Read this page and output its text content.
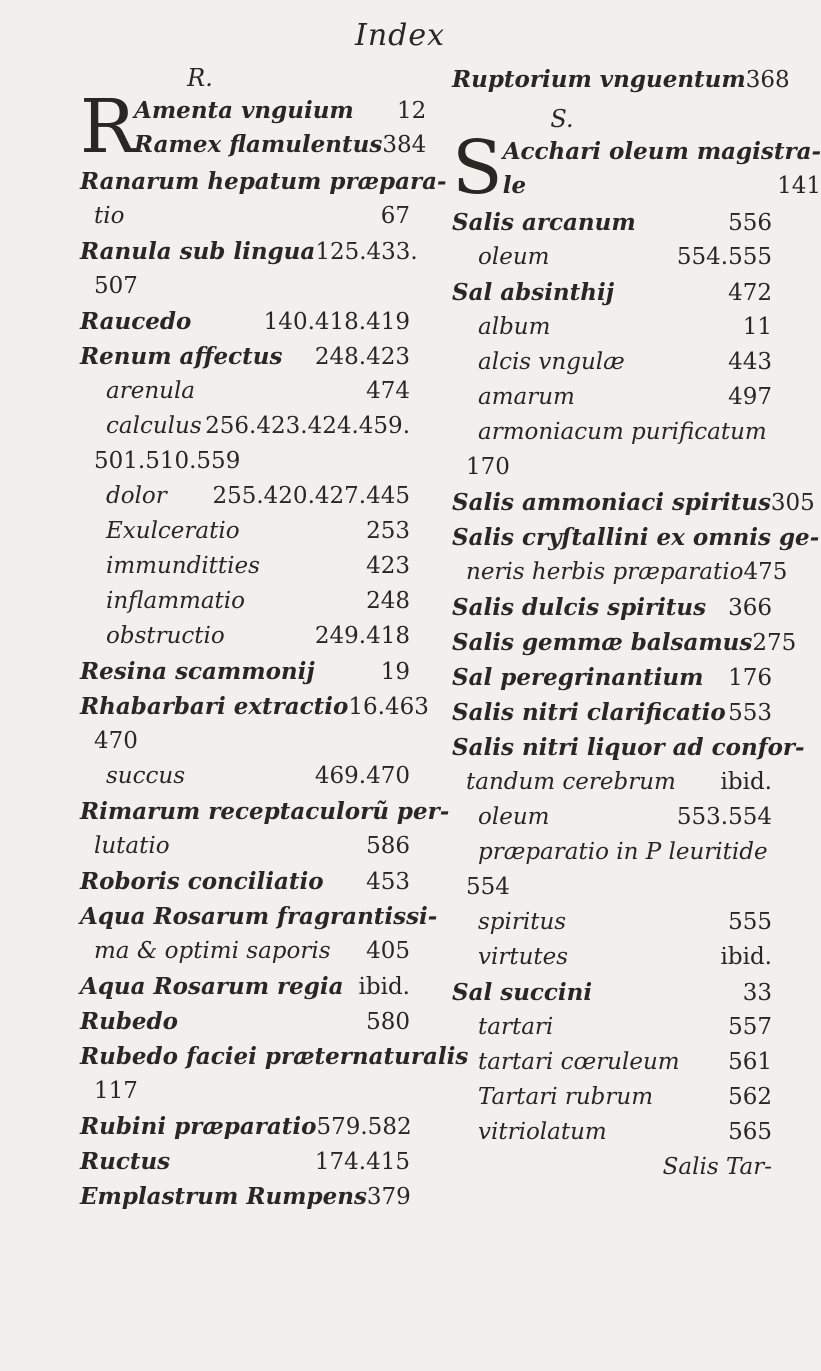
Index
R.
R
Amenta vnguium 12
Ramex flamulentus 384
Ranarum hepatum præpara-
tio	67
Ranula sub lingua 125.433.
507
Raucedo	140.418.419
Renum affectus 248.423
arenula	474
calculus 256.423.424.459.
501.510.559
dolor 255.420.427.445
Exulceratio	253
immunditties	423
inflammatio	248
obstructio	249.418
Resina scammonij	19
Rhabarbari extractio 16.463
470
succus	469.470
Rimarum receptaculorũ per-
lutatio	586
Roboris conciliatio 453
Aqua Rosarum fragrantissi-
ma & optimi saporis 405
Aqua Rosarum regia ibid.
Rubedo	580
Rubedo faciei præternaturalis
117
Rubini præparatio 579.582
Ructus	174.415
Emplastrum Rumpens 379
Ruptorium vnguentum 368
S.
S Acchari oleum magistra-
le	141
Salis arcanum	556
oleum	554.555
Sal absinthij	472
album	11
alcis vngulæ	443
amarum	497
armoniacum purificatum
170
Salis ammoniaci spiritus 305
Salis cryſtallini ex omnis ge-
neris herbis præparatio 475
Salis dulcis spiritus 366
Salis gemmæ balsamus 275
Sal peregrinantium 176
Salis nitri clarificatio 553
Salis nitri liquor ad confor-
tandum cerebrum ibid.
oleum	553.554
præparatio in P leuritide
554
spiritus	555
virtutes	ibid.
Sal succini	33
tartari	557
tartari cœruleum 561
Tartari rubrum	562
vitriolatum	565
Salis Tar-
